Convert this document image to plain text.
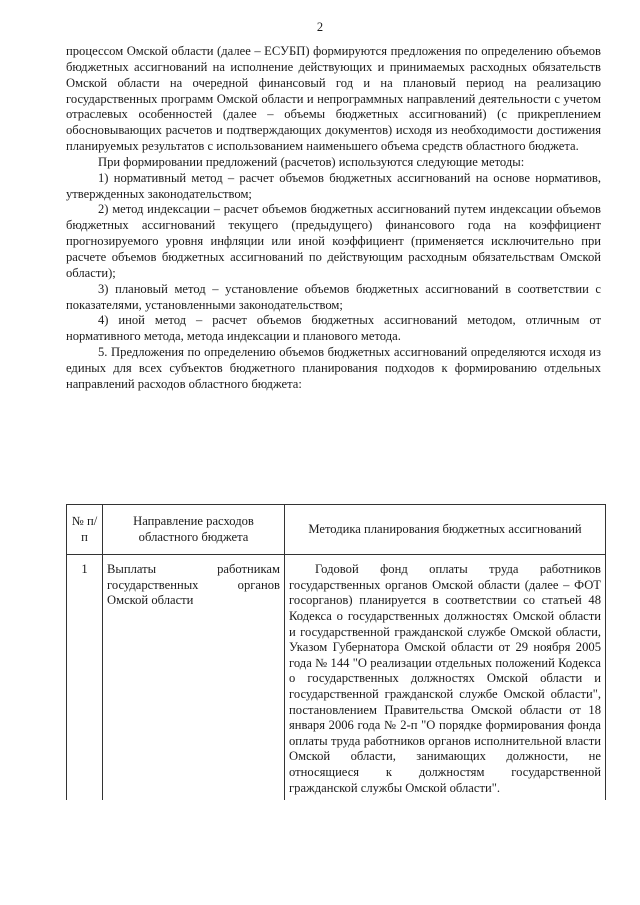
2

процессом Омской области (далее – ЕСУБП) формируются предложения по определению объемов бюджетных ассигнований на исполнение действующих и принимаемых расходных обязательств Омской области на очередной финансовый год и на плановый период на реализацию государственных программ Омской области и непрограммных направлений деятельности с учетом отраслевых особенностей (далее – объемы бюджетных ассигнований) (с прикреплением обосновывающих расчетов и подтверждающих документов) исходя из необходимости достижения планируемых результатов с использованием наименьшего объема средств областного бюджета.

При формировании предложений (расчетов) используются следующие методы:

1) нормативный метод – расчет объемов бюджетных ассигнований на основе нормативов, утвержденных законодательством;

2) метод индексации – расчет объемов бюджетных ассигнований путем индексации объемов бюджетных ассигнований текущего (предыдущего) финансового года на коэффициент прогнозируемого уровня инфляции или иной коэффициент (применяется исключительно при расчете объемов бюджетных ассигнований по действующим расходным обязательствам Омской области);

3) плановый метод – установление объемов бюджетных ассигнований в соответствии с показателями, установленными законодательством;

4) иной метод – расчет объемов бюджетных ассигнований методом, отличным от нормативного метода, метода индексации и планового метода.

5. Предложения по определению объемов бюджетных ассигнований определяются исходя из единых для всех субъектов бюджетного планирования подходов к формированию отдельных направлений расходов областного бюджета:

№ п/п	Направление расходов областного бюджета	Методика планирования бюджетных ассигнований
1	Выплаты работникам государственных органов Омской области	Годовой фонд оплаты труда работников государственных органов Омской области (далее – ФОТ госорганов) планируется в соответствии со статьей 48 Кодекса о государственных должностях Омской области и государственной гражданской службе Омской области, Указом Губернатора Омской области от 29 ноября 2005 года № 144 "О реализации отдельных положений Кодекса о государственных должностях Омской области и государственной гражданской службе Омской области", постановлением Правительства Омской области от 18 января 2006 года № 2-п "О порядке формирования фонда оплаты труда работников органов исполнительной власти Омской области, занимающих должности, не относящиеся к должностям государственной гражданской службы Омской области".
